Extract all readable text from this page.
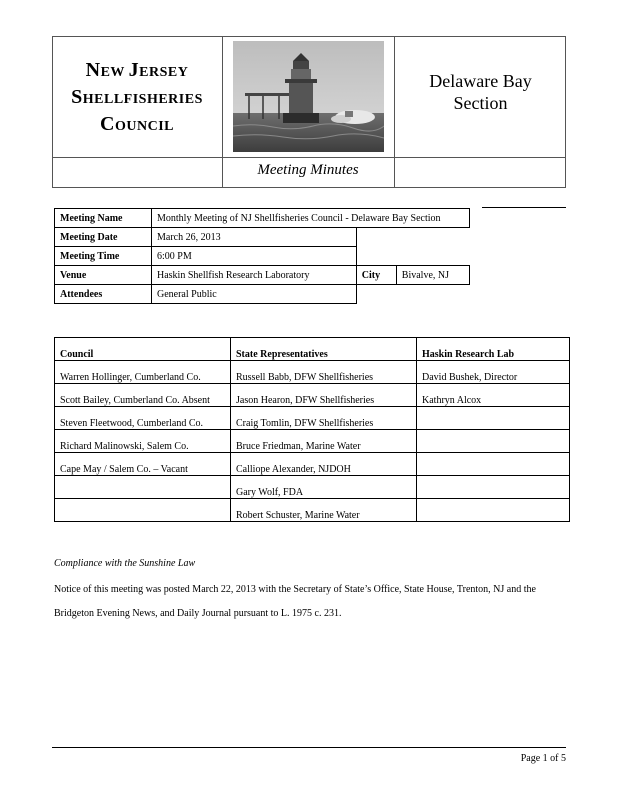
NEW JERSEY
SHELLFISHERIES
COUNCIL
Delaware Bay
Section
Meeting Minutes
Meeting Name	Monthly Meeting of NJ Shellfisheries Council - Delaware Bay Section		
Meeting Date	March 26, 2013		
Meeting Time	6:00 PM		
Venue	Haskin Shellfish Research Laboratory	City	Bivalve, NJ
Attendees	General Public		
Council	State Representatives	Haskin Research Lab
Warren Hollinger, Cumberland Co.	Russell Babb, DFW Shellfisheries	David Bushek, Director
Scott Bailey, Cumberland Co. Absent	Jason Hearon, DFW Shellfisheries	Kathryn Alcox
Steven Fleetwood, Cumberland Co.	Craig Tomlin, DFW Shellfisheries	
Richard Malinowski, Salem Co.	Bruce Friedman, Marine Water	
Cape May / Salem Co. – Vacant	Calliope Alexander, NJDOH	
	Gary Wolf, FDA	
	Robert Schuster, Marine Water	
Compliance with the Sunshine Law
Notice of this meeting was posted March 22, 2013 with the Secretary of State’s Office, State House, Trenton, NJ and the
Bridgeton Evening News, and Daily Journal pursuant to L. 1975 c. 231.
Page 1 of 5
